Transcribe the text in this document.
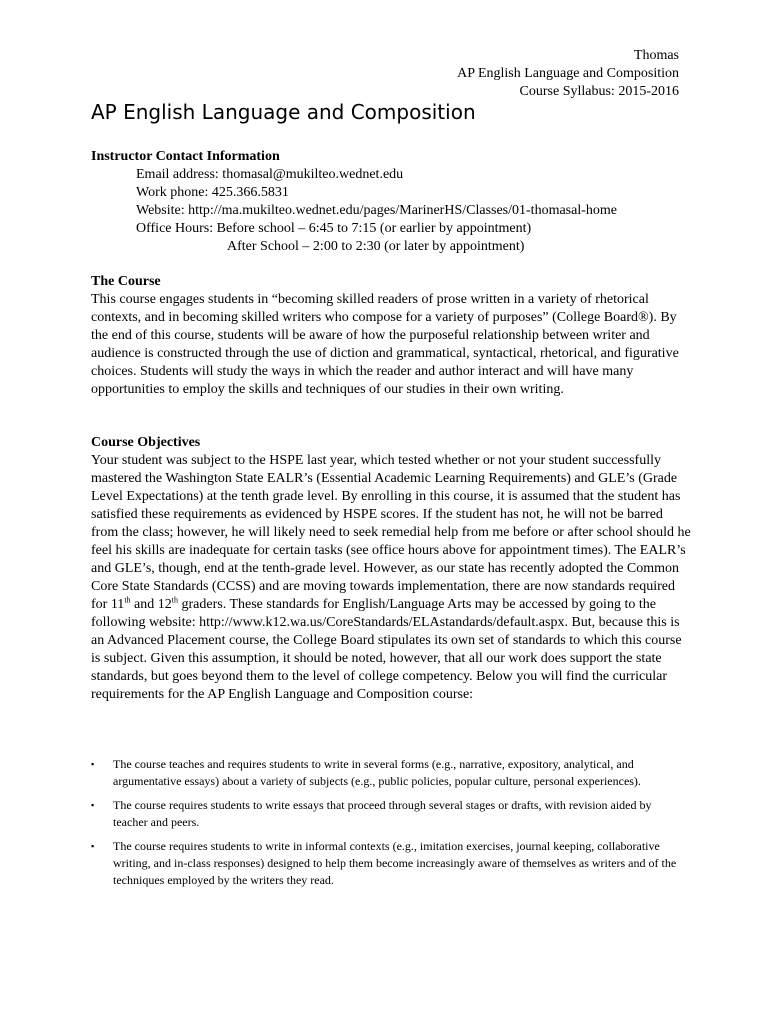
Thomas
AP English Language and Composition
Course Syllabus: 2015-2016
AP English Language and Composition

Instructor Contact Information

Email address: thomasal@mukilteo.wednet.edu
Work phone: 425.366.5831
Website: http://ma.mukilteo.wednet.edu/pages/MarinerHS/Classes/01-thomasal-home
Office Hours: Before school – 6:45 to 7:15 (or earlier by appointment)
After School – 2:00 to 2:30 (or later by appointment)

The Course

This course engages students in “becoming skilled readers of prose written in a variety of rhetorical contexts, and in becoming skilled writers who compose for a variety of purposes” (College Board®). By the end of this course, students will be aware of how the purposeful relationship between writer and audience is constructed through the use of diction and grammatical, syntactical, rhetorical, and figurative choices. Students will study the ways in which the reader and author interact and will have many opportunities to employ the skills and techniques of our studies in their own writing.

Course Objectives

Your student was subject to the HSPE last year, which tested whether or not your student successfully mastered the Washington State EALR’s (Essential Academic Learning Requirements) and GLE’s (Grade Level Expectations) at the tenth grade level. By enrolling in this course, it is assumed that the student has satisfied these requirements as evidenced by HSPE scores. If the student has not, he will not be barred from the class; however, he will likely need to seek remedial help from me before or after school should he feel his skills are inadequate for certain tasks (see office hours above for appointment times). The EALR’s and GLE’s, though, end at the tenth-grade level. However, as our state has recently adopted the Common Core State Standards (CCSS) and are moving towards implementation, there are now standards required for 11th and 12th graders. These standards for English/Language Arts may be accessed by going to the following website: http://www.k12.wa.us/CoreStandards/ELAstandards/default.aspx. But, because this is an Advanced Placement course, the College Board stipulates its own set of standards to which this course is subject. Given this assumption, it should be noted, however, that all our work does support the state standards, but goes beyond them to the level of college competency. Below you will find the curricular requirements for the AP English Language and Composition course:

▪ The course teaches and requires students to write in several forms (e.g., narrative, expository, analytical, and argumentative essays) about a variety of subjects (e.g., public policies, popular culture, personal experiences).
▪ The course requires students to write essays that proceed through several stages or drafts, with revision aided by teacher and peers.
▪ The course requires students to write in informal contexts (e.g., imitation exercises, journal keeping, collaborative writing, and in-class responses) designed to help them become increasingly aware of themselves as writers and of the techniques employed by the writers they read.
